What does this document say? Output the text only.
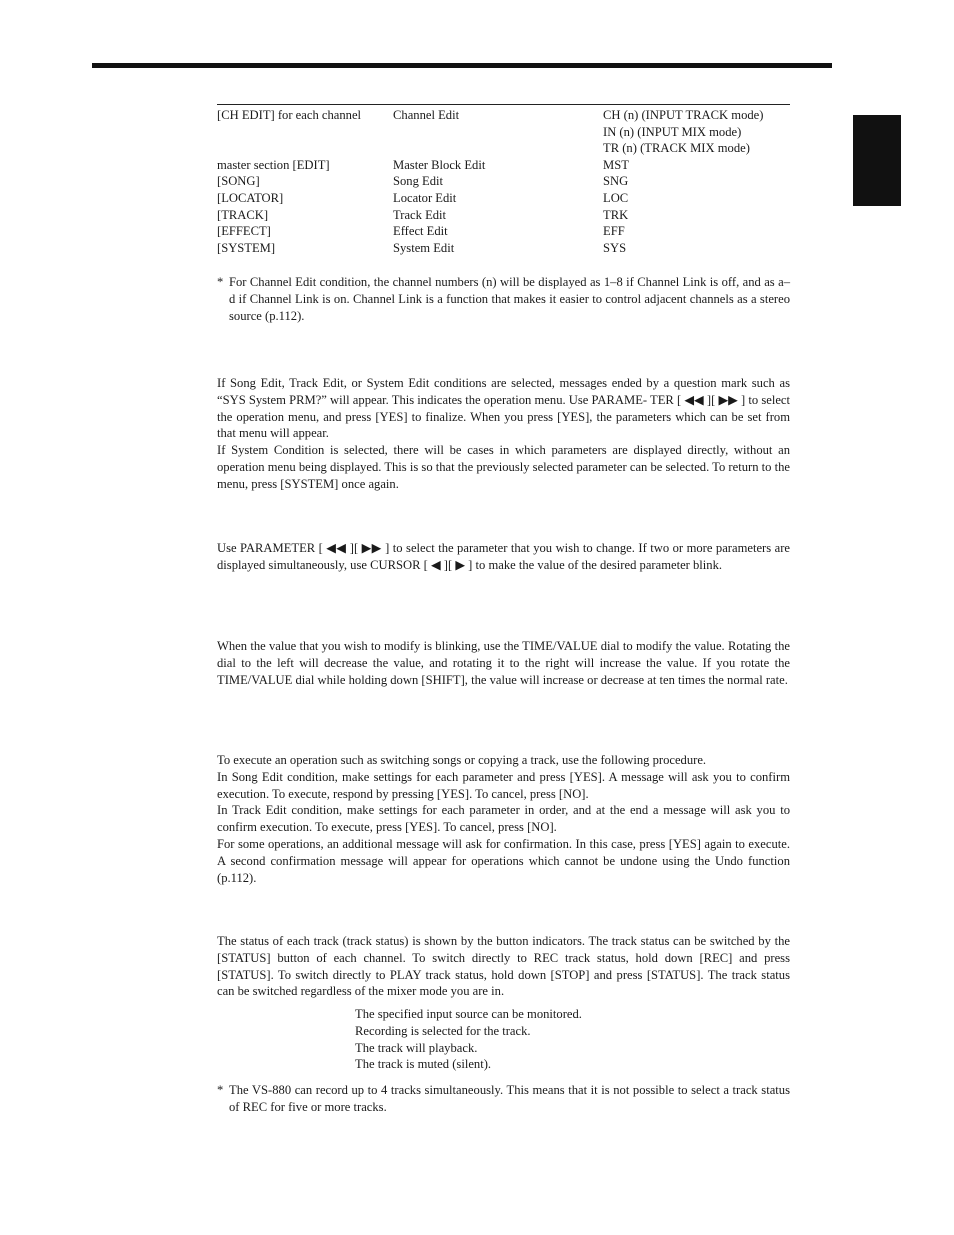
[CH EDIT] for each channel	Channel Edit	CH (n) (INPUT TRACK mode)
IN (n) (INPUT MIX mode)
TR (n) (TRACK MIX mode)
master section [EDIT]	Master Block Edit	MST
[SONG]	Song Edit	SNG
[LOCATOR]	Locator Edit	LOC
[TRACK]	Track Edit	TRK
[EFFECT]	Effect Edit	EFF
[SYSTEM]	System Edit	SYS
* For Channel Edit condition, the channel numbers (n) will be displayed as 1–8 if Channel Link is off, and as a–d if Channel Link is on. Channel Link is a function that makes it easier to control adjacent channels as a stereo source (p.112).

If Song Edit, Track Edit, or System Edit conditions are selected, messages ended by a question mark such as “SYS System PRM?” will appear. This indicates the operation menu. Use PARAME- TER [ ◀◀ ][ ▶▶ ] to select the operation menu, and press [YES] to finalize. When you press [YES], the parameters which can be set from that menu will appear.

If System Condition is selected, there will be cases in which parameters are displayed directly, without an operation menu being displayed. This is so that the previously selected parameter can be selected. To return to the menu, press [SYSTEM] once again.

Use PARAMETER [ ◀◀ ][ ▶▶ ] to select the parameter that you wish to change. If two or more parameters are displayed simultaneously, use CURSOR [ ◀ ][ ▶ ] to make the value of the desired parameter blink.

When the value that you wish to modify is blinking, use the TIME/VALUE dial to modify the value. Rotating the dial to the left will decrease the value, and rotating it to the right will increase the value. If you rotate the TIME/VALUE dial while holding down [SHIFT], the value will increase or decrease at ten times the normal rate.

To execute an operation such as switching songs or copying a track, use the following procedure.

In Song Edit condition, make settings for each parameter and press [YES]. A message will ask you to confirm execution. To execute, respond by pressing [YES]. To cancel, press [NO].

In Track Edit condition, make settings for each parameter in order, and at the end a message will ask you to confirm execution. To execute, press [YES]. To cancel, press [NO].

For some operations, an additional message will ask for confirmation. In this case, press [YES] again to execute. A second confirmation message will appear for operations which cannot be undone using the Undo function (p.112).

The status of each track (track status) is shown by the button indicators. The track status can be switched by the [STATUS] button of each channel. To switch directly to REC track status, hold down [REC] and press [STATUS]. To switch directly to PLAY track status, hold down [STOP] and press [STATUS]. The track status can be switched regardless of the mixer mode you are in.

The specified input source can be monitored.
Recording is selected for the track.
The track will playback.
The track is muted (silent).
* The VS-880 can record up to 4 tracks simultaneously. This means that it is not possible to select a track status of REC for five or more tracks.
